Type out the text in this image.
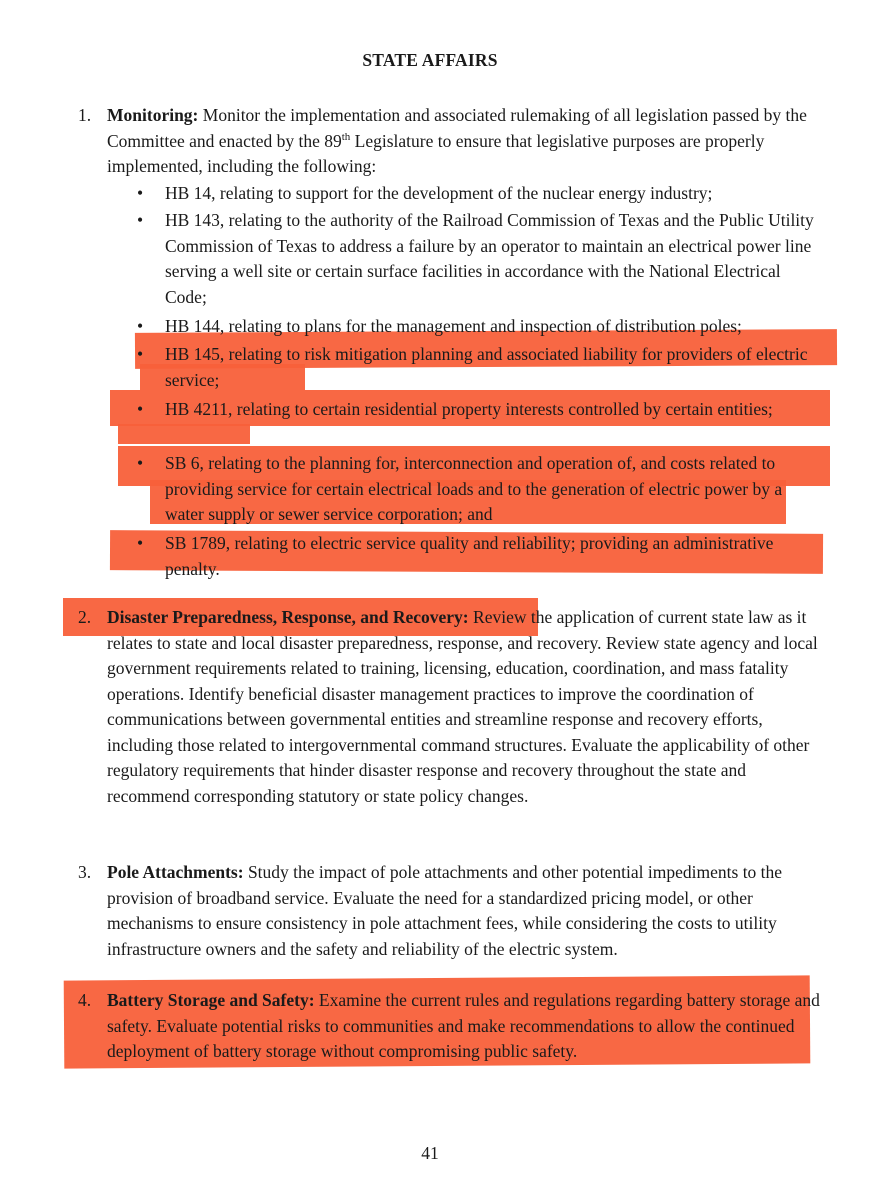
STATE AFFAIRS
1. Monitoring: Monitor the implementation and associated rulemaking of all legislation passed by the Committee and enacted by the 89th Legislature to ensure that legislative purposes are properly implemented, including the following:
• HB 14, relating to support for the development of the nuclear energy industry;
• HB 143, relating to the authority of the Railroad Commission of Texas and the Public Utility Commission of Texas to address a failure by an operator to maintain an electrical power line serving a well site or certain surface facilities in accordance with the National Electrical Code;
• HB 144, relating to plans for the management and inspection of distribution poles;
• HB 145, relating to risk mitigation planning and associated liability for providers of electric service;
• HB 4211, relating to certain residential property interests controlled by certain entities;
• SB 6, relating to the planning for, interconnection and operation of, and costs related to providing service for certain electrical loads and to the generation of electric power by a water supply or sewer service corporation; and
• SB 1789, relating to electric service quality and reliability; providing an administrative penalty.
2. Disaster Preparedness, Response, and Recovery: Review the application of current state law as it relates to state and local disaster preparedness, response, and recovery. Review state agency and local government requirements related to training, licensing, education, coordination, and mass fatality operations. Identify beneficial disaster management practices to improve the coordination of communications between governmental entities and streamline response and recovery efforts, including those related to intergovernmental command structures. Evaluate the applicability of other regulatory requirements that hinder disaster response and recovery throughout the state and recommend corresponding statutory or state policy changes.
3. Pole Attachments: Study the impact of pole attachments and other potential impediments to the provision of broadband service. Evaluate the need for a standardized pricing model, or other mechanisms to ensure consistency in pole attachment fees, while considering the costs to utility infrastructure owners and the safety and reliability of the electric system.
4. Battery Storage and Safety: Examine the current rules and regulations regarding battery storage and safety. Evaluate potential risks to communities and make recommendations to allow the continued deployment of battery storage without compromising public safety.
41
